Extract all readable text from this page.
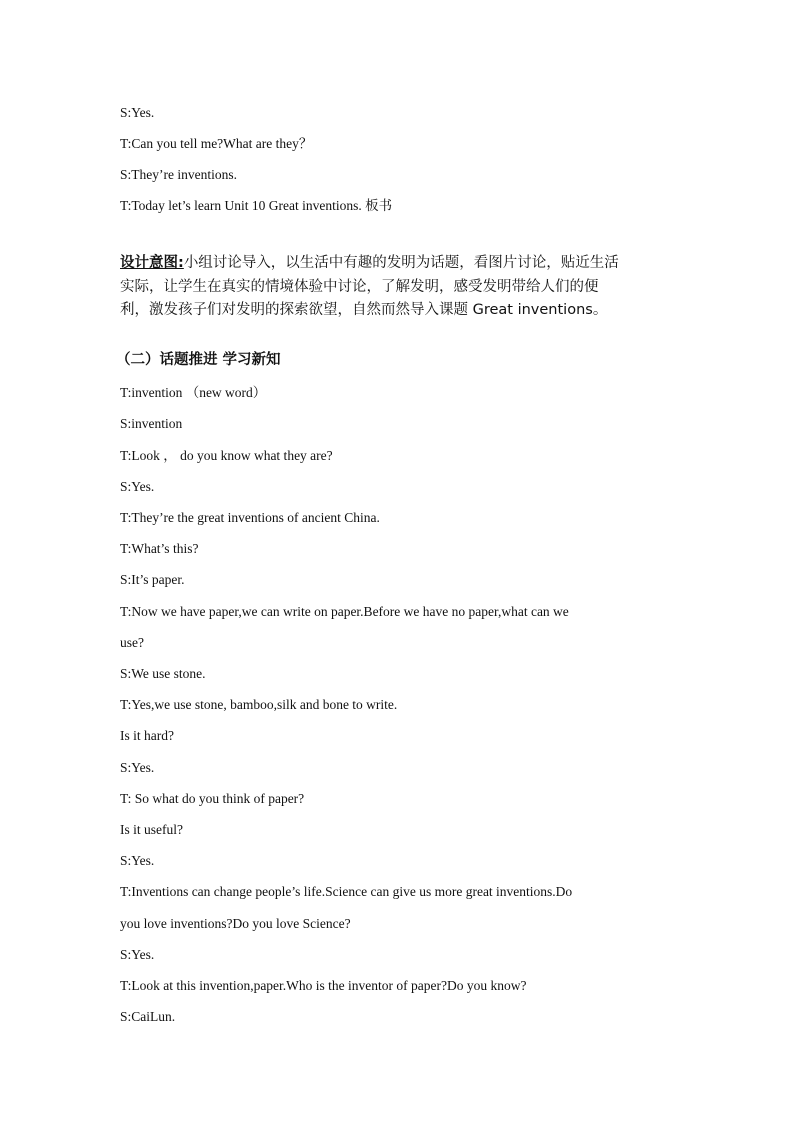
S:Yes.
T:Can you tell me?What are they？
S:They’re inventions.
T:Today let’s learn Unit 10 Great inventions. 板书
设计意图:小组讨论导入，以生活中有趣的发明为话题，看图片讨论，贴近生活
实际，让学生在真实的情境体验中讨论，了解发明，感受发明带给人们的便
利，激发孩子们对发明的探索欲望，自然而然导入课题 Great inventions。
（二）话题推进 学习新知
T:invention （new word）
S:invention
T:Look ， do you know what they are?
S:Yes.
T:They’re the great inventions of ancient China.
T:What’s this?
S:It’s paper.
T:Now we have paper,we can write on paper.Before we have no paper,what can we
use?
S:We use stone.
T:Yes,we use stone, bamboo,silk and bone to write.
Is it hard?
S:Yes.
T: So what do you think of paper?
Is it useful?
S:Yes.
T:Inventions can change people’s life.Science can give us more great inventions.Do
you love inventions?Do you love Science?
S:Yes.
T:Look at this invention,paper.Who is the inventor of paper?Do you know?
S:CaiLun.
